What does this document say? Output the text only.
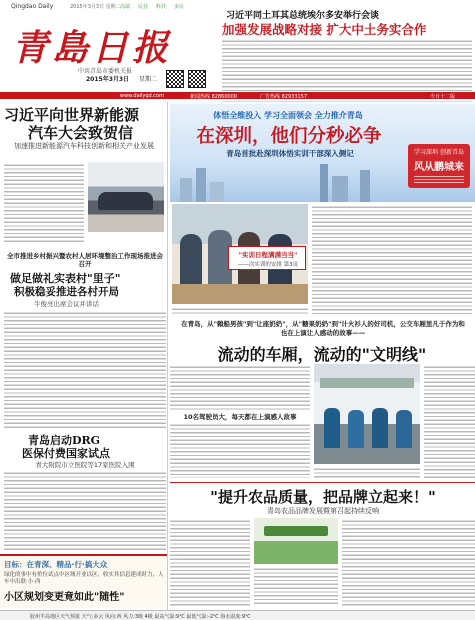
Qingdao Daily	2015年3月3日 星期二 高端 民营 科技 多民
青島日报
中共青岛市委机关报
2015年3月3日 星期二
习近平同土耳其总统埃尔多安举行会谈
加强发展战略对接 扩大中土务实合作
www.dailyqd.com	新闻热线 82860000	广告热线 82933157	今日十二版
习近平向世界新能源
汽车大会致贺信
加速推进新能源汽车科技创新和相关产业发展
全市推进乡村振兴暨农村人居环境整治工作现场推进会召开
做足做礼实表村"里子"
积极稳妥推进各村开局
牛俊亮出席会议并讲话
青岛启动DRG
医保付费国家试点
青大附院市立医院等17家医院入围
目标：在青深、精品·行·搞大众
绿化的事中有价位试点中区域开业以区，收实其信息建成时力，人车中出联·小·西
小区规划变更竟如此"随性"
体悟全维投入 学习全面领会 全力推介青岛
在深圳，他们分秒必争
青岛首批赴深圳体悟实训干部深入侧记	学习深圳 创新青岛
风从鹏城来
"实训日程满满当当"
——次实训的安排 第3页
在青岛，从"賴船男孩"到"让座奶奶"，从"糖果奶奶"到"计火衫人的好司机，公交车厢里凡于作为和也在上演让人感动的故事——
流动的车厢，流动的"文明线"
10名驾驶员大，每天都在上演感人故事
"提升农品质量，把品牌立起来！"
青岛农品品牌发展暨第召起持续反响
胶州半岛地区天气预报 天气:多云 风向:西 风力:3级 4级 最高气温:9℃ 最低气温:-2℃ 海水温度:9℃
